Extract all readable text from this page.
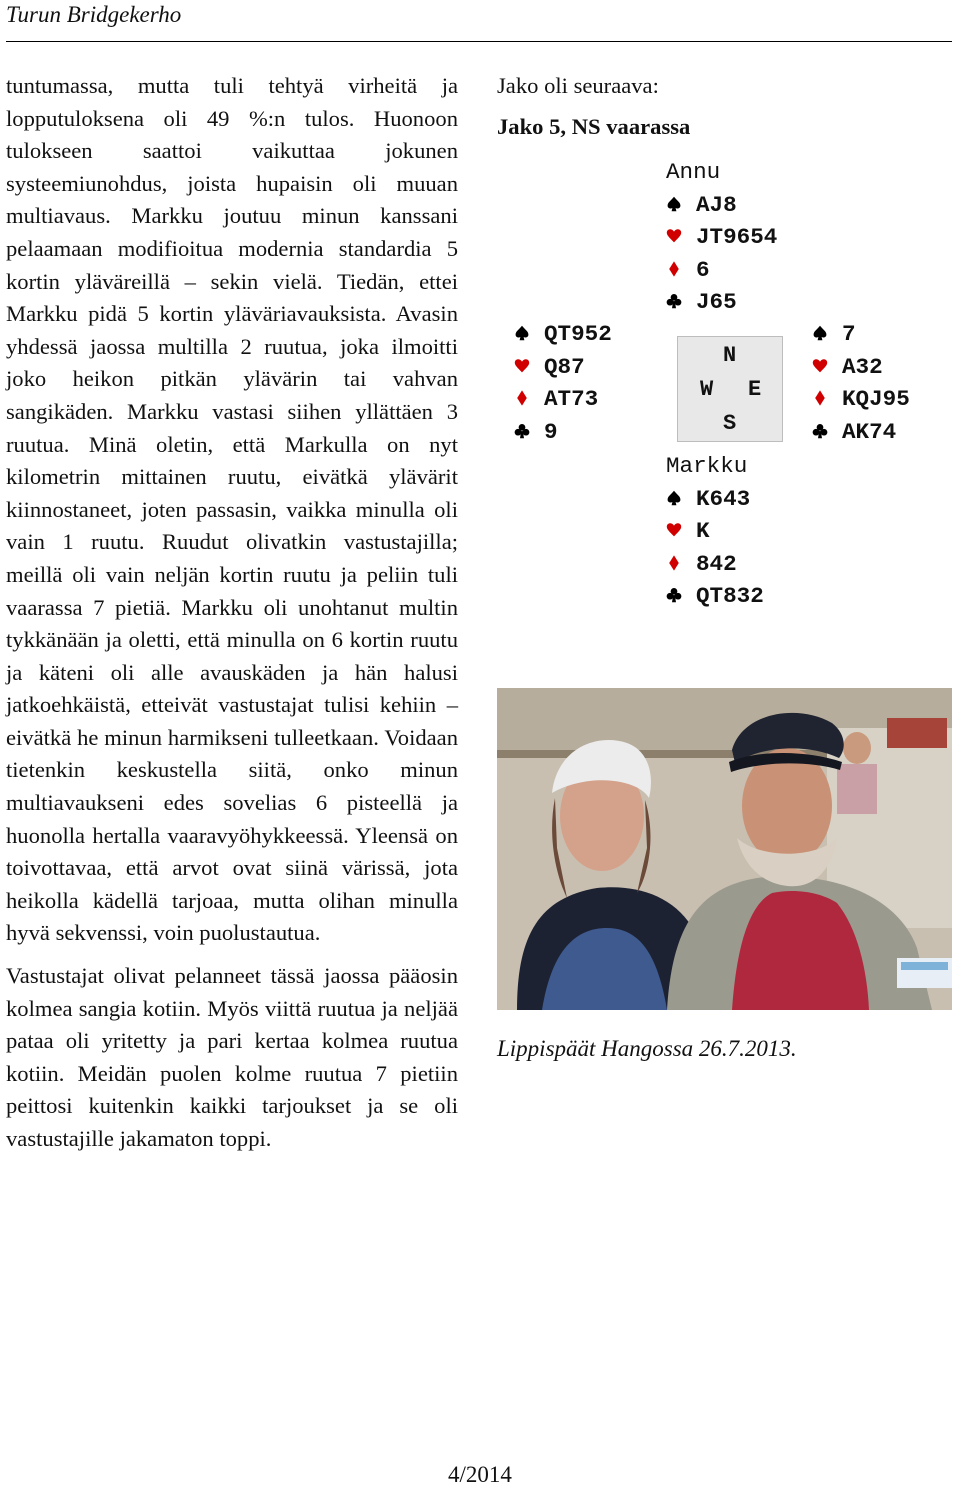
Turun Bridgekerho

tuntumassa, mutta tuli tehtyä virheitä ja lopputuloksena oli 49 %:n tulos. Huonoon tulokseen saattoi vaikuttaa jokunen systeemiunohdus, joista hupaisin oli muuan multiavaus. Markku joutuu minun kanssani pelaamaan modifioitua modernia standardia 5 kortin yläväreillä – sekin vielä. Tiedän, ettei Markku pidä 5 kortin yläväriavauksista. Avasin yhdessä jaossa multilla 2 ruutua, joka ilmoitti joko heikon pitkän ylävärin tai vahvan sangikäden. Markku vastasi siihen yllättäen 3 ruutua. Minä oletin, että Markulla on nyt kilometrin mittainen ruutu, eivätkä ylävärit kiinnostaneet, joten passasin, vaikka minulla oli vain 1 ruutu. Ruudut olivatkin vastustajilla; meillä oli vain neljän kortin ruutu ja peliin tuli vaarassa 7 pietiä. Markku oli unohtanut multin tykkänään ja oletti, että minulla on 6 kortin ruutu ja käteni oli alle avauskäden ja hän halusi jatkoehkäistä, etteivät vastustajat tulisi kehiin – eivätkä he minun harmikseni tulleetkaan. Voidaan tietenkin keskustella siitä, onko minun multiavaukseni edes sovelias 6 pisteellä ja huonolla hertalla vaaravyöhykkeessä. Yleensä on toivottavaa, että arvot ovat siinä värissä, jota heikolla kädellä tarjoaa, mutta olihan minulla hyvä sekvenssi, voin puolustautua.

Vastustajat olivat pelanneet tässä jaossa pääosin kolmea sangia kotiin. Myös viittä ruutua ja neljää pataa oli yritetty ja pari kertaa kolmea ruutua kotiin. Meidän puolen kolme ruutua 7 pietiin peittosi kuitenkin kaikki tarjoukset ja se oli vastustajille jakamaton toppi.

Jako oli seuraava:
Jako 5, NS vaarassa
Annu
AJ8
JT9654
6
J65
QT952
Q87
AT73
9
N
W E
S
7
A32
KQJ95
AK74
Markku
K643
K
842
QT832
Lippispäät Hangossa 26.7.2013.
4/2014
